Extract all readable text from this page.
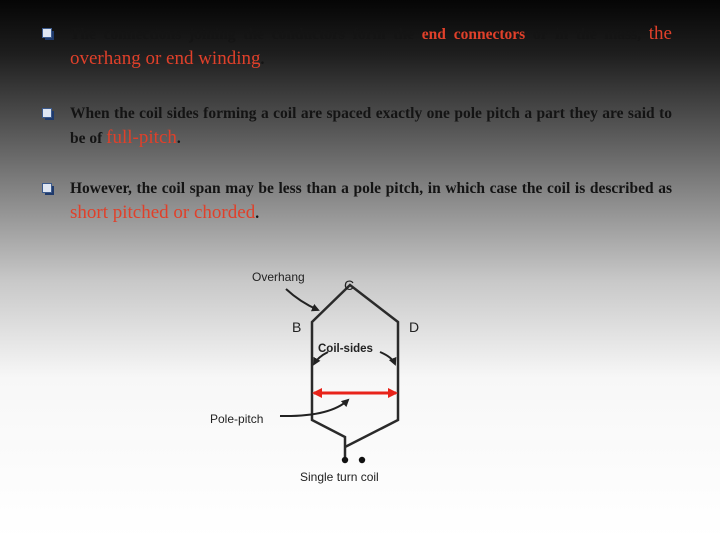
The connections joining the conductors form the end connectors or in the mass, the overhang or end winding.
When the coil sides forming a coil are spaced exactly one pole pitch a part they are said to be of full-pitch.
However, the coil span may be less than a pole pitch, in which case the coil is described as short pitched or chorded.
Overhang	C
B	D
Coil-sides
Pole-pitch
Single turn coil
